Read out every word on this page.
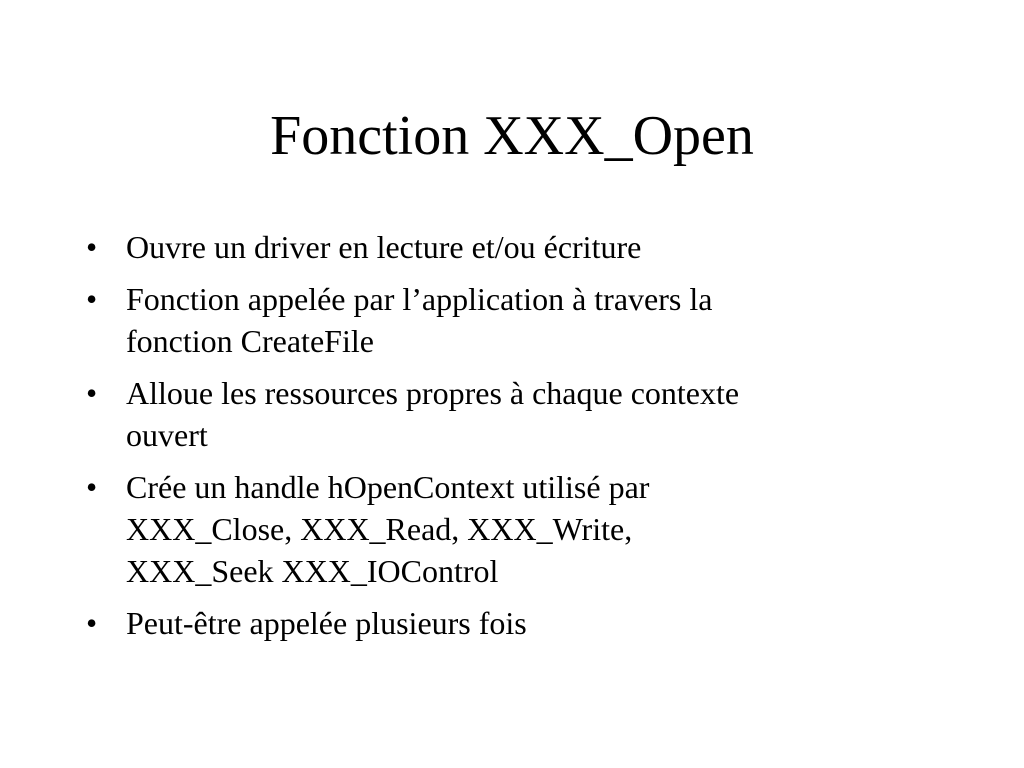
Fonction XXX_Open
• Ouvre un driver en lecture et/ou écriture
• Fonction appelée par l’application à travers la
fonction CreateFile
• Alloue les ressources propres à chaque contexte
ouvert
• Crée un handle hOpenContext utilisé par
XXX_Close, XXX_Read, XXX_Write,
XXX_Seek XXX_IOControl
• Peut-être appelée plusieurs fois
